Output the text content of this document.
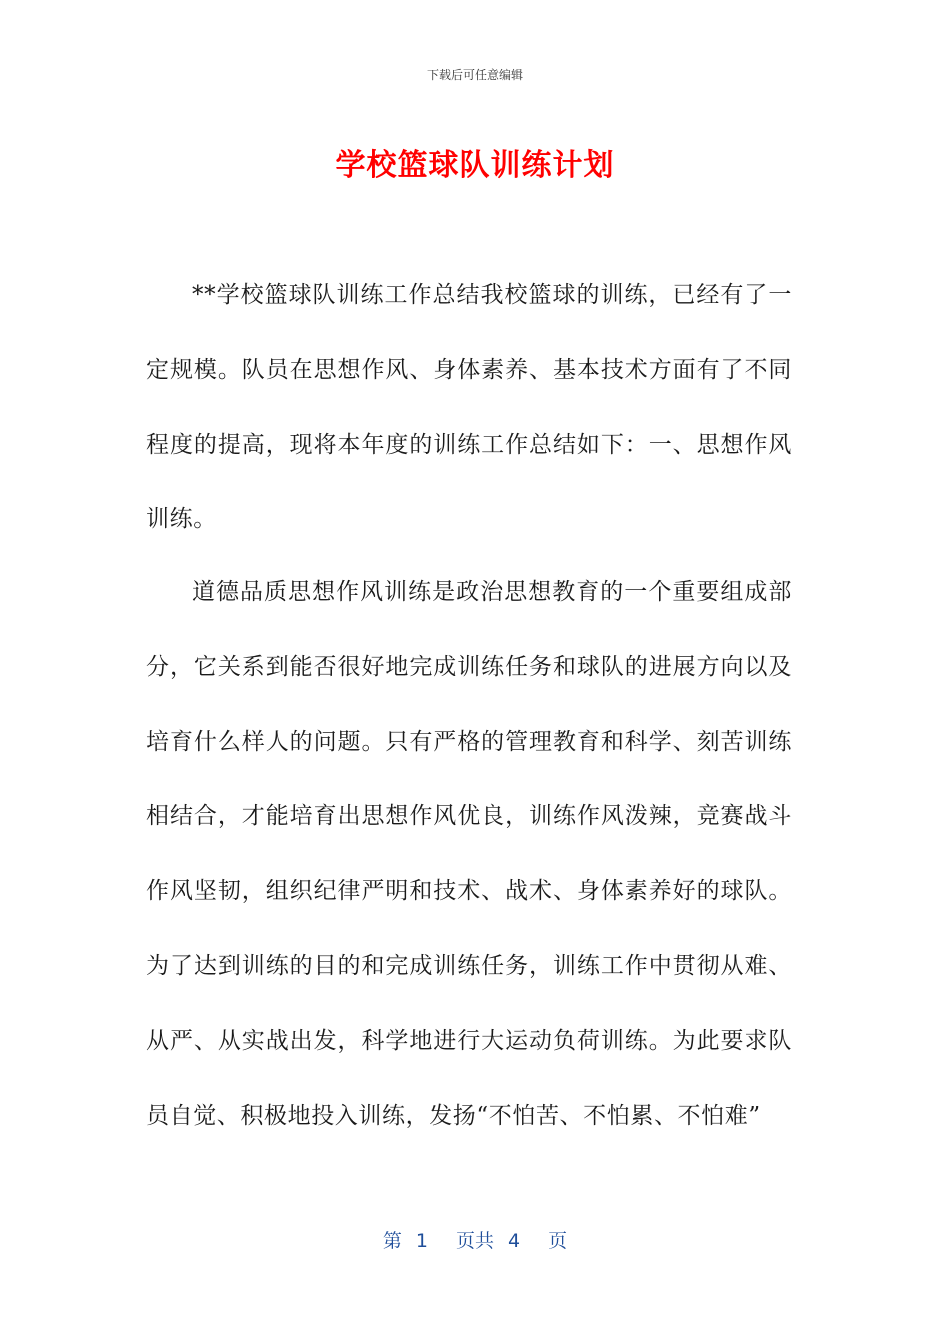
下载后可任意编辑
学校篮球队训练计划

**学校篮球队训练工作总结我校篮球的训练，已经有了一定规模。队员在思想作风、身体素养、基本技术方面有了不同程度的提高，现将本年度的训练工作总结如下：一、思想作风训练。

道德品质思想作风训练是政治思想教育的一个重要组成部分，它关系到能否很好地完成训练任务和球队的进展方向以及培育什么样人的问题。只有严格的管理教育和科学、刻苦训练相结合，才能培育出思想作风优良，训练作风泼辣，竞赛战斗作风坚韧，组织纪律严明和技术、战术、身体素养好的球队。为了达到训练的目的和完成训练任务，训练工作中贯彻从难、从严、从实战出发，科学地进行大运动负荷训练。为此要求队员自觉、积极地投入训练，发扬“不怕苦、不怕累、不怕难”

第 1 页共 4 页
